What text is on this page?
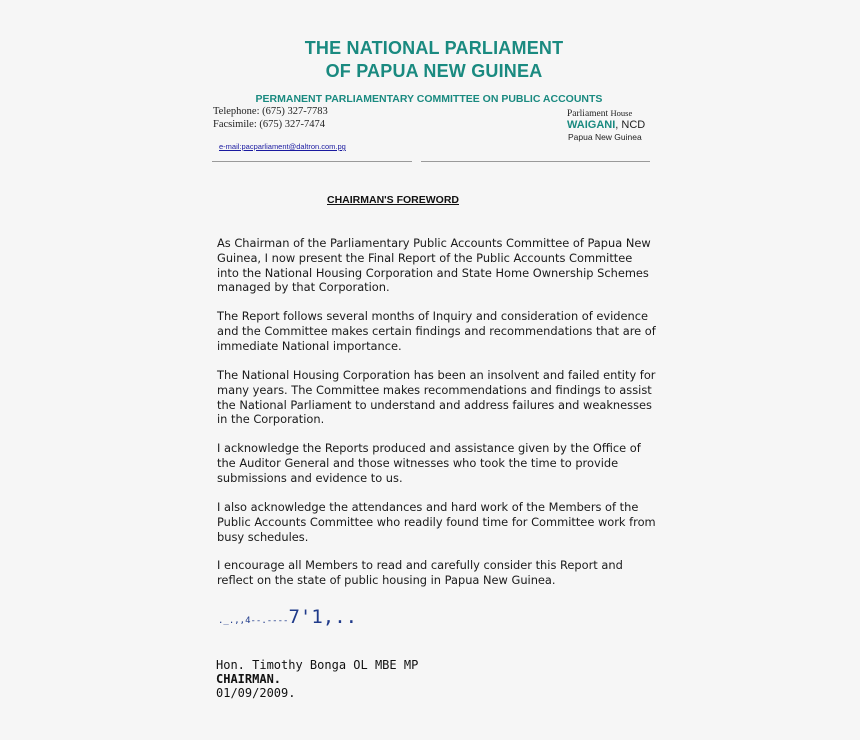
THE NATIONAL PARLIAMENT
OF PAPUA NEW GUINEA
PERMANENT PARLIAMENTARY COMMITTEE ON PUBLIC ACCOUNTS
Telephone: (675) 327-7783
Facsimile: (675) 327-7474
e-mail:pacparliament@daltron.com.pg
Parliament House
WAIGANI, NCD
Papua New Guinea
CHAIRMAN'S FOREWORD

As Chairman of the Parliamentary Public Accounts Committee of Papua New Guinea, I now present the Final Report of the Public Accounts Committee into the National Housing Corporation and State Home Ownership Schemes managed by that Corporation.

The Report follows several months of Inquiry and consideration of evidence and the Committee makes certain findings and recommendations that are of immediate National importance.

The National Housing Corporation has been an insolvent and failed entity for many years. The Committee makes recommendations and findings to assist the National Parliament to understand and address failures and weaknesses in the Corporation.

I acknowledge the Reports produced and assistance given by the Office of the Auditor General and those witnesses who took the time to provide submissions and evidence to us.

I also acknowledge the attendances and hard work of the Members of the Public Accounts Committee who readily found time for Committee work from busy schedules.

I encourage all Members to read and carefully consider this Report and reflect on the state of public housing in Papua New Guinea.

._.,,4--.----7'1,..
Hon. Timothy Bonga OL MBE MP
CHAIRMAN.
01/09/2009.
